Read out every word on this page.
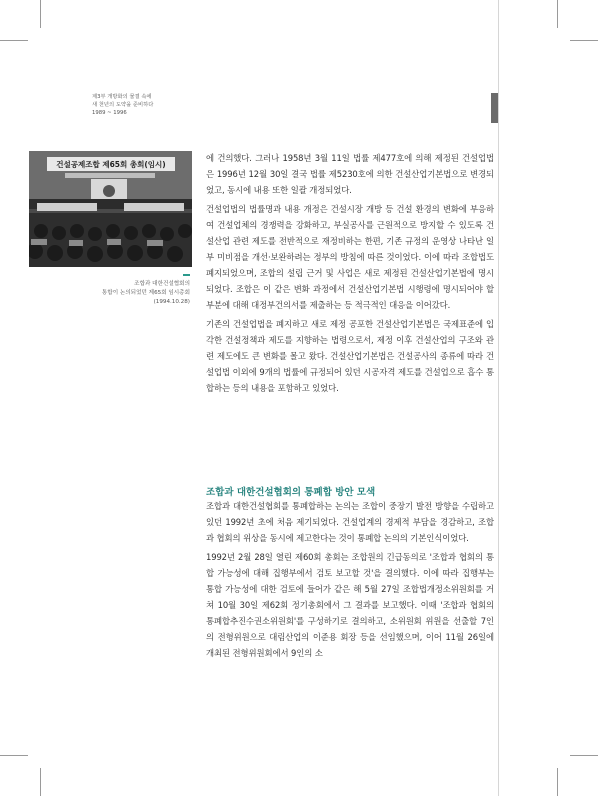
제3부 개방화의 물결 속에
새 천년의 도약을 준비하다
1989 ~ 1996
건설공제조합 제65회 총회(임시)
조합과 대한건설협회의
통합이 논의되었던 제65회 임시총회
(1994.10.28)

에 건의했다. 그러나 1958년 3월 11일 법률 제477호에 의해 제정된 건설업법은 1996년 12월 30일 결국 법률 제5230호에 의한 건설산업기본법으로 변경되었고, 동시에 내용 또한 일괄 개정되었다.

건설업법의 법률명과 내용 개정은 건설시장 개방 등 건설 환경의 변화에 부응하여 건설업체의 경쟁력을 강화하고, 부실공사를 근원적으로 방지할 수 있도록 건설산업 관련 제도를 전반적으로 재정비하는 한편, 기존 규정의 운영상 나타난 일부 미비점을 개선·보완하려는 정부의 방침에 따른 것이었다. 이에 따라 조합법도 폐지되었으며, 조합의 설립 근거 및 사업은 새로 제정된 건설산업기본법에 명시되었다. 조합은 이 같은 변화 과정에서 건설산업기본법 시행령에 명시되어야 할 부분에 대해 대정부건의서를 제출하는 등 적극적인 대응을 이어갔다.

기존의 건설업법을 폐지하고 새로 제정 공포한 건설산업기본법은 국제표준에 입각한 건설정책과 제도를 지향하는 법령으로서, 제정 이후 건설산업의 구조와 관련 제도에도 큰 변화를 몰고 왔다. 건설산업기본법은 건설공사의 종류에 따라 건설업법 이외에 9개의 법률에 규정되어 있던 시공자격 제도를 건설업으로 흡수 통합하는 등의 내용을 포함하고 있었다.

조합과 대한건설협회의 통폐합 방안 모색

조합과 대한건설협회를 통폐합하는 논의는 조합이 중장기 발전 방향을 수립하고 있던 1992년 초에 처음 제기되었다. 건설업계의 경제적 부담을 경감하고, 조합과 협회의 위상을 동시에 제고한다는 것이 통폐합 논의의 기본인식이었다.

1992년 2월 28일 열린 제60회 총회는 조합원의 긴급동의로 '조합과 협회의 통합 가능성에 대해 집행부에서 검토 보고할 것'을 결의했다. 이에 따라 집행부는 통합 가능성에 대한 검토에 들어가 같은 해 5월 27일 조합법개정소위원회를 거쳐 10월 30일 제62회 정기총회에서 그 결과를 보고했다. 이때 '조합과 협회의 통폐합추진수권소위원회'를 구성하기로 결의하고, 소위원회 위원을 선출할 7인의 전형위원으로 대림산업의 이준용 회장 등을 선임했으며, 이어 11월 26일에 개최된 전형위원회에서 9인의 소
